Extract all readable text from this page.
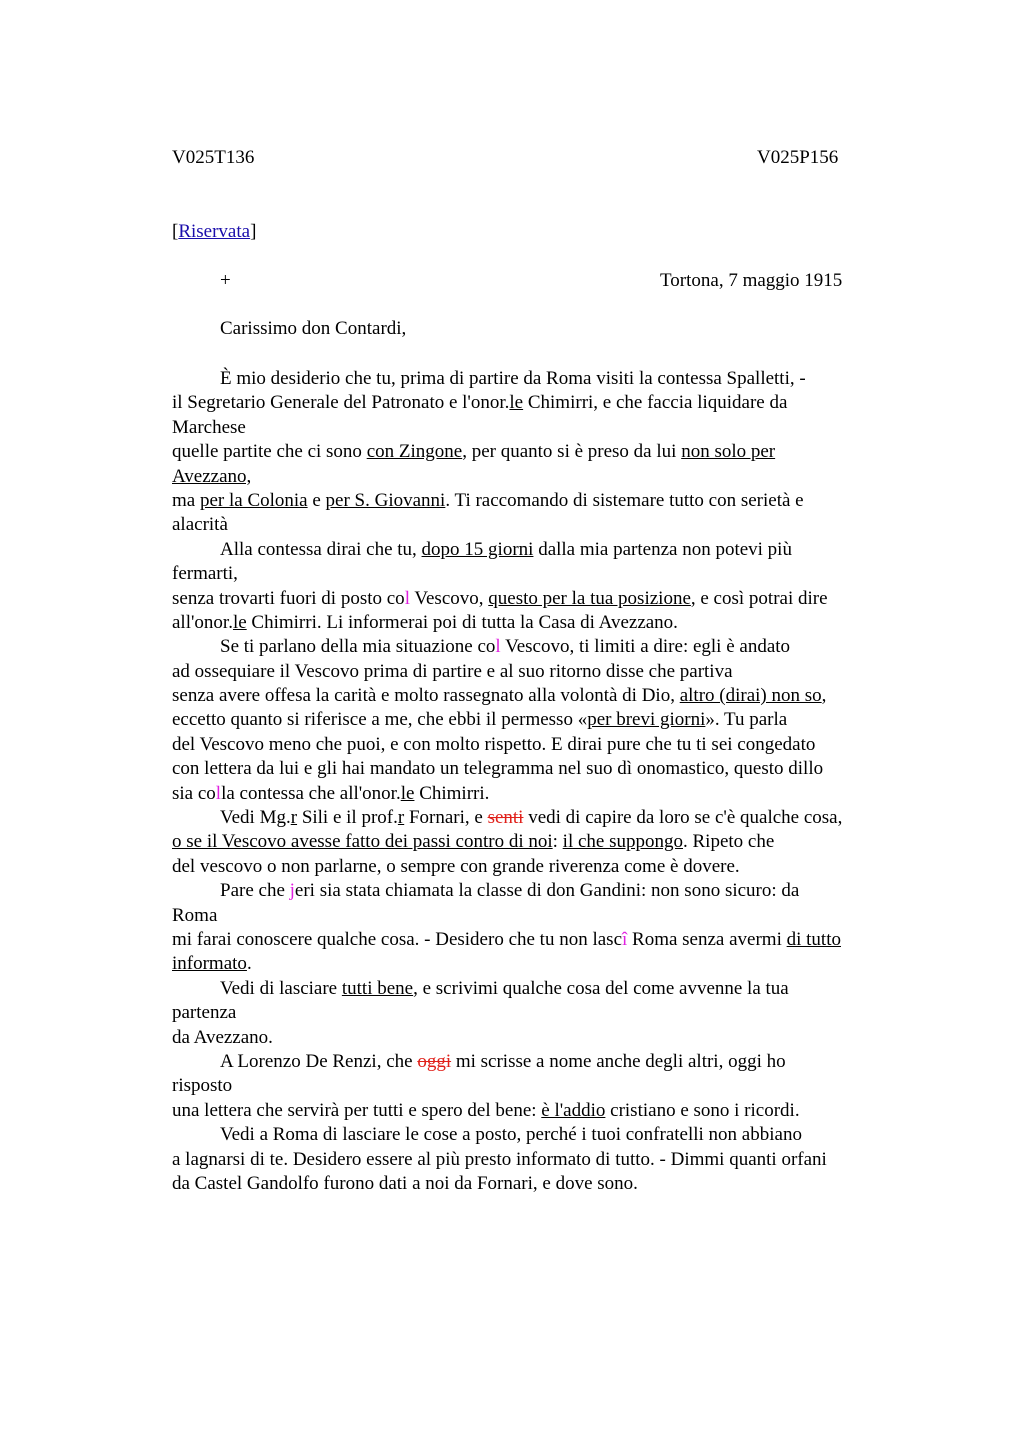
V025T136	V025P156
[Riservata]
+	Tortona, 7 maggio 1915
Carissimo don Contardi,
È mio desiderio che tu, prima di partire da Roma visiti la contessa Spalletti, -
il Segretario Generale del Patronato e l'onor.le Chimirri, e che faccia liquidare da
Marchese
quelle partite che ci sono con Zingone, per quanto si è preso da lui non solo per
Avezzano,
ma per la Colonia e per S. Giovanni. Ti raccomando di sistemare tutto con serietà e
alacrità
Alla contessa dirai che tu, dopo 15 giorni dalla mia partenza non potevi più
fermarti,
senza trovarti fuori di posto col Vescovo, questo per la tua posizione, e così potrai dire
all'onor.le Chimirri. Li informerai poi di tutta la Casa di Avezzano.
Se ti parlano della mia situazione col Vescovo, ti limiti a dire: egli è andato
ad ossequiare il Vescovo prima di partire e al suo ritorno disse che partiva
senza avere offesa la carità e molto rassegnato alla volontà di Dio, altro (dirai) non so,
eccetto quanto si riferisce a me, che ebbi il permesso «per brevi giorni». Tu parla
del Vescovo meno che puoi, e con molto rispetto. E dirai pure che tu ti sei congedato
con lettera da lui e gli hai mandato un telegramma nel suo dì onomastico, questo dillo
sia colla contessa che all'onor.le Chimirri.
Vedi Mg.r Sili e il prof.r Fornari, e senti vedi di capire da loro se c'è qualche cosa,
o se il Vescovo avesse fatto dei passi contro di noi: il che suppongo. Ripeto che
del vescovo o non parlarne, o sempre con grande riverenza come è dovere.
Pare che jeri sia stata chiamata la classe di don Gandini: non sono sicuro: da
Roma
mi farai conoscere qualche cosa. - Desidero che tu non lascî Roma senza avermi di tutto
informato.
Vedi di lasciare tutti bene, e scrivimi qualche cosa del come avvenne la tua
partenza
da Avezzano.
A Lorenzo De Renzi, che oggi mi scrisse a nome anche degli altri, oggi ho
risposto
una lettera che servirà per tutti e spero del bene: è l'addio cristiano e sono i ricordi.
Vedi a Roma di lasciare le cose a posto, perché i tuoi confratelli non abbiano
a lagnarsi di te. Desidero essere al più presto informato di tutto. - Dimmi quanti orfani
da Castel Gandolfo furono dati a noi da Fornari, e dove sono.
